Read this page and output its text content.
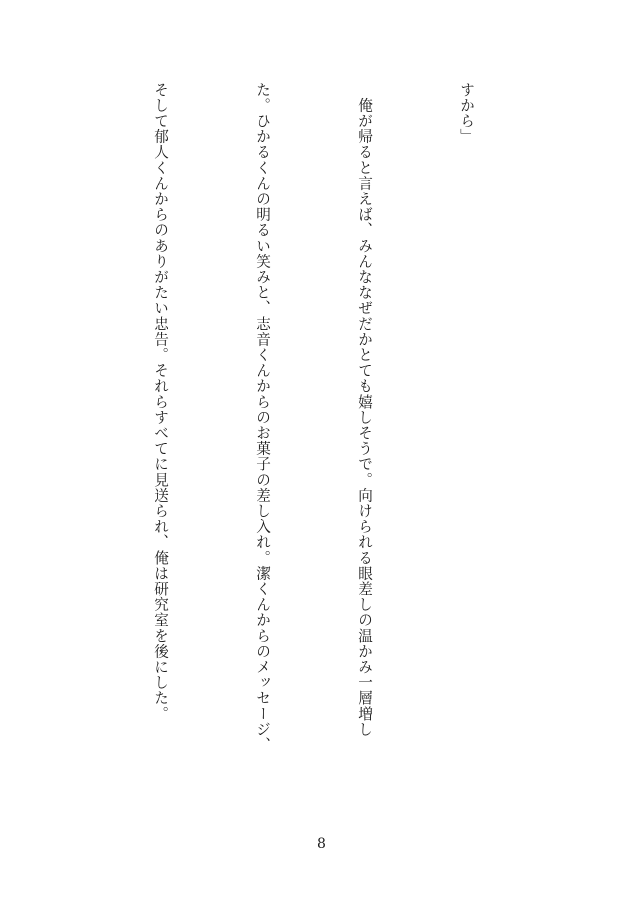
すから」

　俺が帰ると言えば、みんななぜだかとても嬉しそうで。向けられる眼差しの温かみ一層増し

た。ひかるくんの明るい笑みと、志音くんからのお菓子の差し入れ。潔くんからのメッセージ、

そして郁人くんからのありがたい忠告。それらすべてに見送られ、俺は研究室を後にした。

8
